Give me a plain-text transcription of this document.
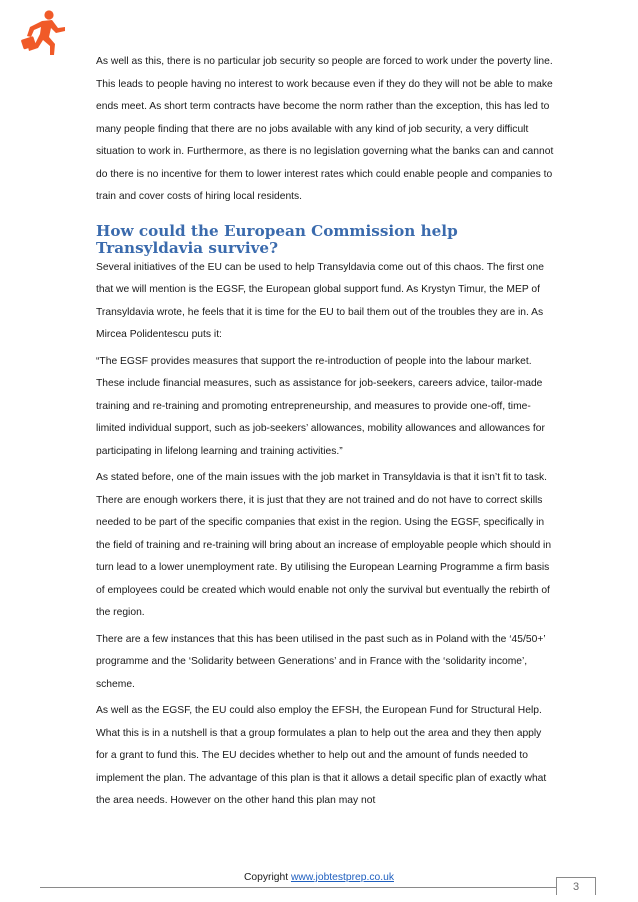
As well as this, there is no particular job security so people are forced to work under the poverty line. This leads to people having no interest to work because even if they do they will not be able to make ends meet. As short term contracts have become the norm rather than the exception, this has led to many people finding that there are no jobs available with any kind of job security, a very difficult situation to work in. Furthermore, as there is no legislation governing what the banks can and cannot do there is no incentive for them to lower interest rates which could enable people and companies to train and cover costs of hiring local residents.

How could the European Commission help Transyldavia survive?

Several initiatives of the EU can be used to help Transyldavia come out of this chaos. The first one that we will mention is the EGSF, the European global support fund. As Krystyn Timur, the MEP of Transyldavia wrote, he feels that it is time for the EU to bail them out of the troubles they are in. As Mircea Polidentescu puts it:

“The EGSF provides measures that support the re-introduction of people into the labour market. These include financial measures, such as assistance for job-seekers, careers advice, tailor-made training and re-training and promoting entrepreneurship, and measures to provide one-off, time-limited individual support, such as job-seekers’ allowances, mobility allowances and allowances for participating in lifelong learning and training activities.”

As stated before, one of the main issues with the job market in Transyldavia is that it isn’t fit to task. There are enough workers there, it is just that they are not trained and do not have to correct skills needed to be part of the specific companies that exist in the region. Using the EGSF, specifically in the field of training and re-training will bring about an increase of employable people which should in turn lead to a lower unemployment rate. By utilising the European Learning Programme a firm basis of employees could be created which would enable not only the survival but eventually the rebirth of the region.

There are a few instances that this has been utilised in the past such as in Poland with the ‘45/50+’ programme and the ‘Solidarity between Generations’ and in France with the ‘solidarity income’, scheme.

As well as the EGSF, the EU could also employ the EFSH, the European Fund for Structural Help. What this is in a nutshell is that a group formulates a plan to help out the area and they then apply for a grant to fund this. The EU decides whether to help out and the amount of funds needed to implement the plan. The advantage of this plan is that it allows a detail specific plan of exactly what the area needs. However on the other hand this plan may not

Copyright www.jobtestprep.co.uk
3
